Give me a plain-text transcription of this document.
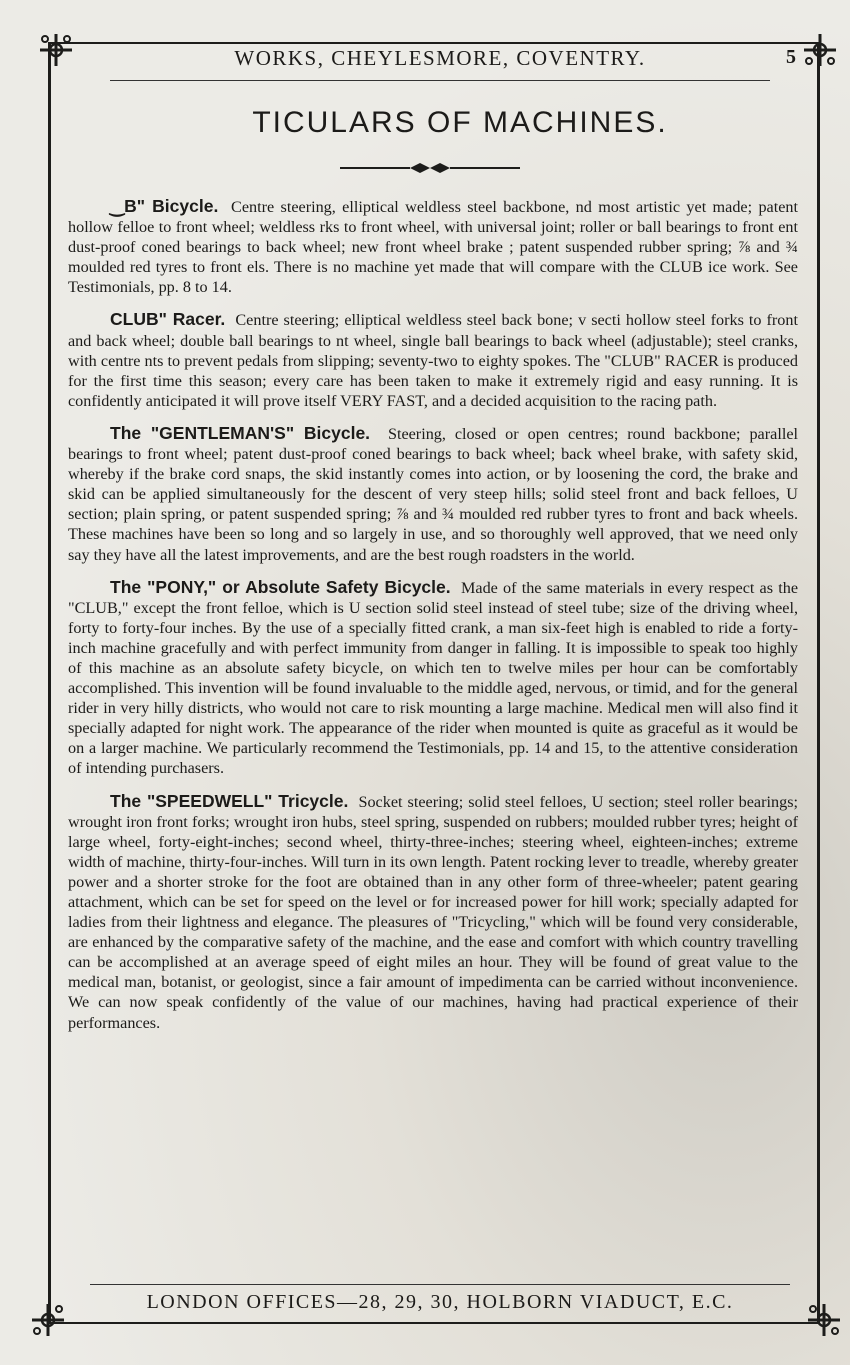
WORKS, CHEYLESMORE, COVENTRY.	5
TICULARS OF MACHINES.

‿B" Bicycle. Centre steering, elliptical weldless steel backbone, nd most artistic yet made; patent hollow felloe to front wheel; weldless rks to front wheel, with universal joint; roller or ball bearings to front ent dust-proof coned bearings to back wheel; new front wheel brake ; patent suspended rubber spring; ⅞ and ¾ moulded red tyres to front els. There is no machine yet made that will compare with the CLUB ice work. See Testimonials, pp. 8 to 14.

CLUB" Racer. Centre steering; elliptical weldless steel back bone; v secti hollow steel forks to front and back wheel; double ball bearings to nt wheel, single ball bearings to back wheel (adjustable); steel cranks, with centre nts to prevent pedals from slipping; seventy-two to eighty spokes. The "CLUB" RACER is produced for the first time this season; every care has been taken to make it extremely rigid and easy running. It is confidently anticipated it will prove itself VERY FAST, and a decided acquisition to the racing path.

The "GENTLEMAN'S" Bicycle. Steering, closed or open centres; round backbone; parallel bearings to front wheel; patent dust-proof coned bearings to back wheel; back wheel brake, with safety skid, whereby if the brake cord snaps, the skid instantly comes into action, or by loosening the cord, the brake and skid can be applied simultaneously for the descent of very steep hills; solid steel front and back felloes, U section; plain spring, or patent suspended spring; ⅞ and ¾ moulded red rubber tyres to front and back wheels. These machines have been so long and so largely in use, and so thoroughly well approved, that we need only say they have all the latest improvements, and are the best rough roadsters in the world.

The "PONY," or Absolute Safety Bicycle. Made of the same materials in every respect as the "CLUB," except the front felloe, which is U section solid steel instead of steel tube; size of the driving wheel, forty to forty-four inches. By the use of a specially fitted crank, a man six-feet high is enabled to ride a forty-inch machine gracefully and with perfect immunity from danger in falling. It is impossible to speak too highly of this machine as an absolute safety bicycle, on which ten to twelve miles per hour can be comfortably accomplished. This invention will be found invaluable to the middle aged, nervous, or timid, and for the general rider in very hilly districts, who would not care to risk mounting a large machine. Medical men will also find it specially adapted for night work. The appearance of the rider when mounted is quite as graceful as it would be on a larger machine. We particularly recommend the Testimonials, pp. 14 and 15, to the attentive consideration of intending purchasers.

The "SPEEDWELL" Tricycle. Socket steering; solid steel felloes, U section; steel roller bearings; wrought iron front forks; wrought iron hubs, steel spring, suspended on rubbers; moulded rubber tyres; height of large wheel, forty-eight-inches; second wheel, thirty-three-inches; steering wheel, eighteen-inches; extreme width of machine, thirty-four-inches. Will turn in its own length. Patent rocking lever to treadle, whereby greater power and a shorter stroke for the foot are obtained than in any other form of three-wheeler; patent gearing attachment, which can be set for speed on the level or for increased power for hill work; specially adapted for ladies from their lightness and elegance. The pleasures of "Tricycling," which will be found very considerable, are enhanced by the comparative safety of the machine, and the ease and comfort with which country travelling can be accomplished at an average speed of eight miles an hour. They will be found of great value to the medical man, botanist, or geologist, since a fair amount of impedimenta can be carried without inconvenience. We can now speak confidently of the value of our machines, having had practical experience of their performances.

LONDON OFFICES—28, 29, 30, HOLBORN VIADUCT, E.C.
